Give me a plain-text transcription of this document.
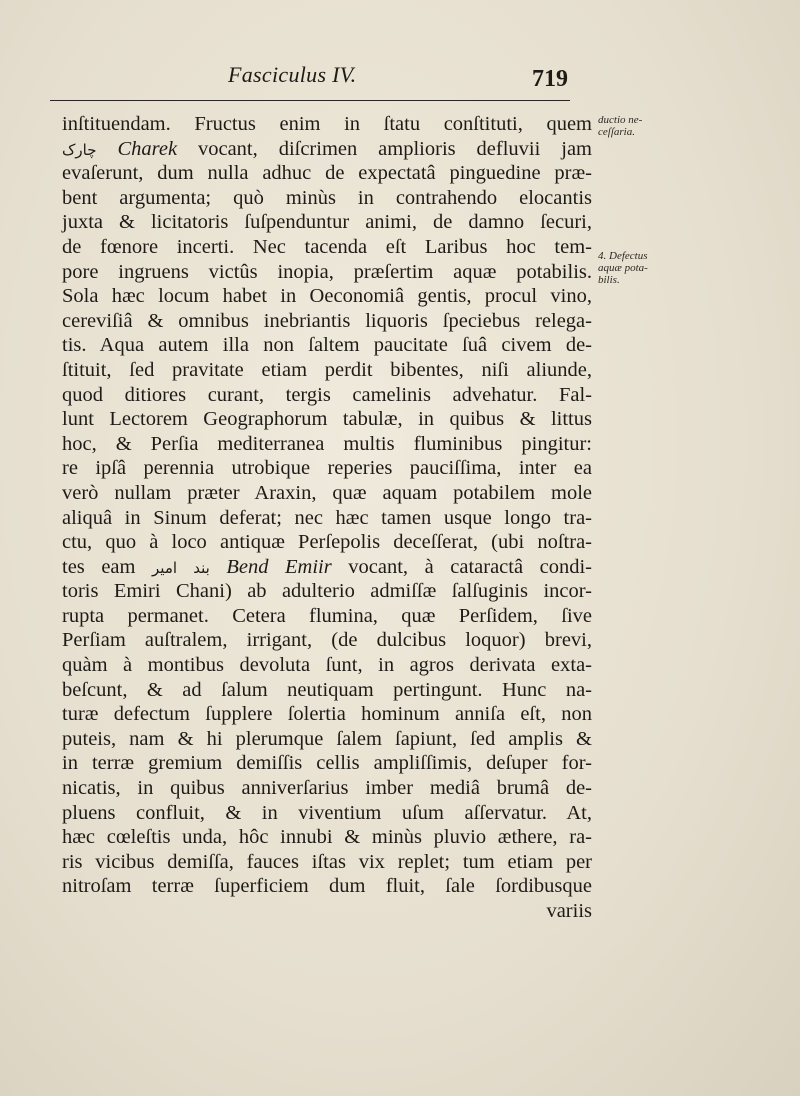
Fasciculus IV.	719
inſtituendam. Fructus enim in ſtatu conſtituti, quem
چارک Charek vocant, diſcrimen amplioris defluvii jam
evaſerunt, dum nulla adhuc de expectatâ pinguedine præ-
bent argumenta; quò minùs in contrahendo elocantis
juxta & licitatoris ſuſpenduntur animi, de damno ſecuri,
de fœnore incerti. Nec tacenda eſt Laribus hoc tem-
pore ingruens victûs inopia, præſertim aquæ potabilis.
Sola hæc locum habet in Oeconomiâ gentis, procul vino,
cereviſiâ & omnibus inebriantis liquoris ſpeciebus relega-
tis. Aqua autem illa non ſaltem paucitate ſuâ civem de-
ſtituit, ſed pravitate etiam perdit bibentes, niſi aliunde,
quod ditiores curant, tergis camelinis advehatur. Fal-
lunt Lectorem Geographorum tabulæ, in quibus & littus
hoc, & Perſia mediterranea multis fluminibus pingitur:
re ipſâ perennia utrobique reperies pauciſſima, inter ea
verò nullam præter Araxin, quæ aquam potabilem mole
aliquâ in Sinum deferat; nec hæc tamen usque longo tra-
ctu, quo à loco antiquæ Perſepolis deceſſerat, (ubi noſtra-
tes eam بند امیر Bend Emiir vocant, à cataractâ condi-
toris Emiri Chani) ab adulterio admiſſæ ſalſuginis incor-
rupta permanet. Cetera flumina, quæ Perſidem, ſive
Perſiam auſtralem, irrigant, (de dulcibus loquor) brevi,
quàm à montibus devoluta ſunt, in agros derivata exta-
beſcunt, & ad ſalum neutiquam pertingunt. Hunc na-
turæ defectum ſupplere ſolertia hominum anniſa eſt, non
puteis, nam & hi plerumque ſalem ſapiunt, ſed amplis &
in terræ gremium demiſſis cellis ampliſſimis, deſuper for-
nicatis, in quibus anniverſarius imber mediâ brumâ de-
pluens confluit, & in viventium uſum aſſervatur. At,
hæc cœleſtis unda, hôc innubi & minùs pluvio æthere, ra-
ris vicibus demiſſa, fauces iſtas vix replet; tum etiam per
nitroſam terræ ſuperficiem dum fluit, ſale ſordibusque
variis
ductio ne-
ceſſaria.
4. Defectus
aquæ pota-
bilis.
